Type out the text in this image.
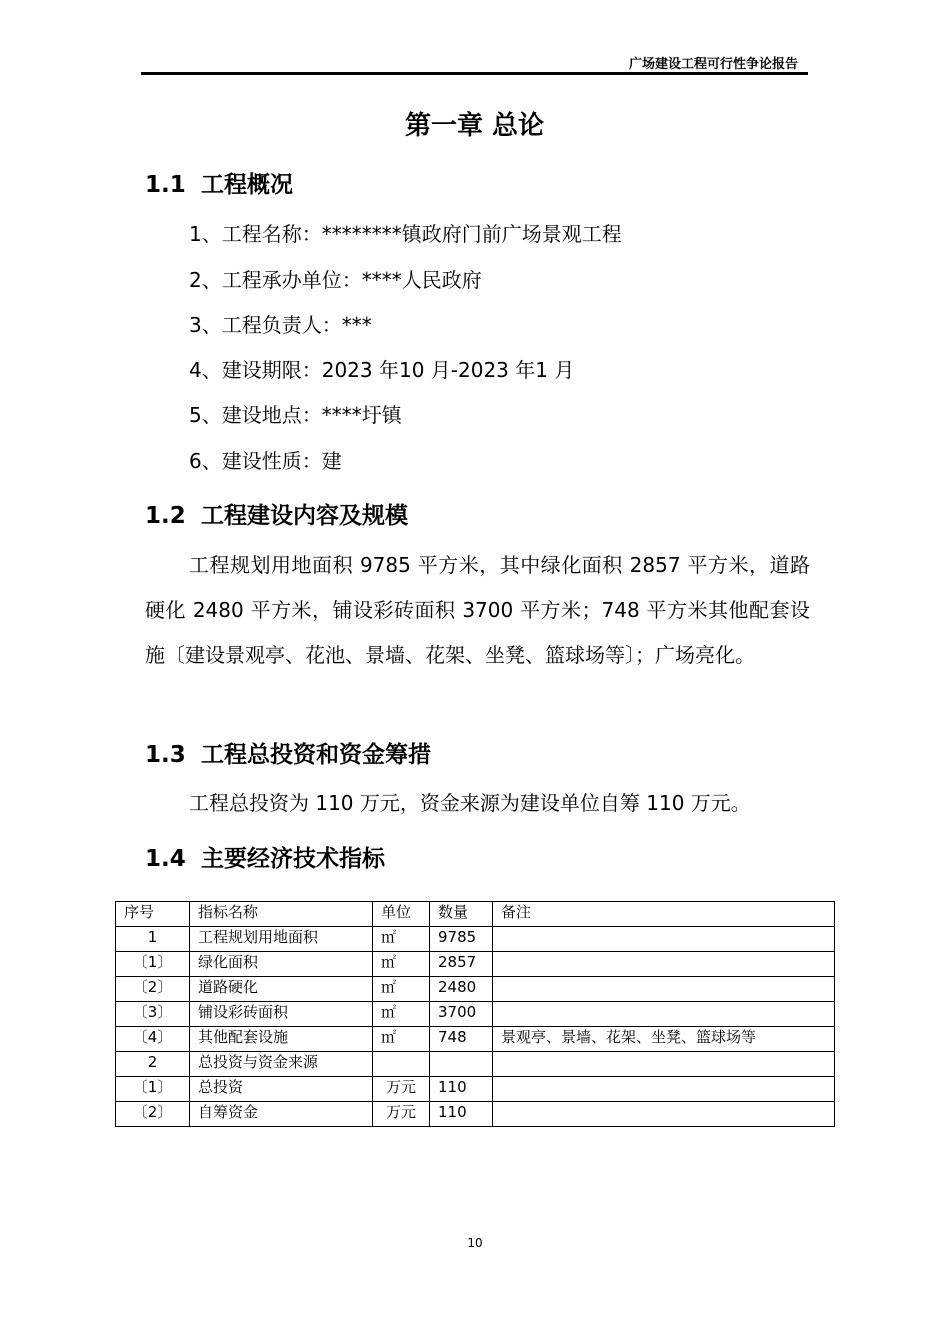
广场建设工程可行性争论报告
第一章 总论
1.1 工程概况
1、工程名称：********镇政府门前广场景观工程
2、工程承办单位：****人民政府
3、工程负责人：***
4、建设期限：2023 年10 月-2023 年1 月
5、建设地点：****圩镇
6、建设性质：建
1.2 工程建设内容及规模

工程规划用地面积 9785 平方米，其中绿化面积 2857 平方米，道路硬化 2480 平方米，铺设彩砖面积 3700 平方米；748 平方米其他配套设施〔建设景观亭、花池、景墙、花架、坐凳、篮球场等〕；广场亮化。

1.3 工程总投资和资金筹措

工程总投资为 110 万元，资金来源为建设单位自筹 110 万元。

1.4 主要经济技术指标
序号	指标名称	单位	数量	备注
1	工程规划用地面积	㎡	9785	
〔1〕	绿化面积	㎡	2857	
〔2〕	道路硬化	㎡	2480	
〔3〕	铺设彩砖面积	㎡	3700	
〔4〕	其他配套设施	㎡	748	景观亭、景墙、花架、坐凳、篮球场等
2	总投资与资金来源			
〔1〕	总投资	万元	110	
〔2〕	自筹资金	万元	110	
10
